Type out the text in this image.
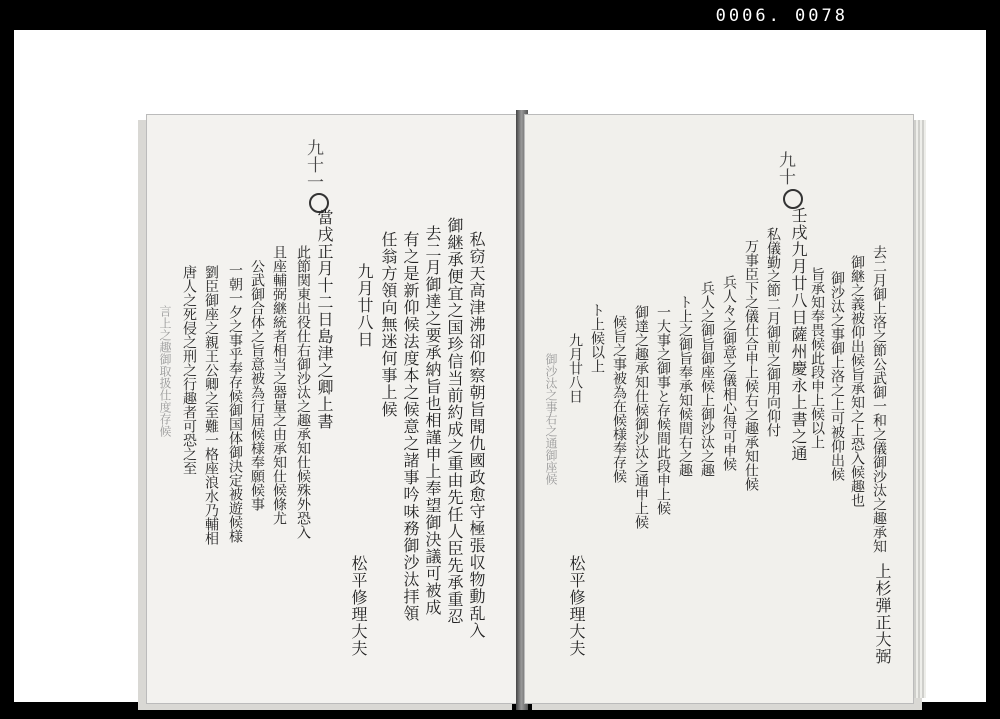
0006. 0078
九十一
私窃天高津沸卻仰察朝旨聞仇國政愈守極張収物動乱入
御継承便宜之国珍信当前約成之重由先任人臣先承重忍
去二月御達之要承納旨也相謹申上奉望御決議可被成
有之是新仰候法度本之候意之諸事吟味務御沙汰拝領
任翁方領向無迷何事上候
九月廿八日
當戌正月十二日島津之卿上書
此節関東出役仕右御沙汰之趣承知仕候殊外恐入
且座輔弼継統者相当之器量之由承知仕候條尤
公武御合体之旨意被為行届候様奉願候事
一朝一夕之事乎奉存候御国体御決定被遊候様
劉臣御座之親王公卿之至難一格座浪水乃輔相
唐人之死侵之刑之行趣者可恐之至
言上之趣御取扱仕度存候
松平修理大夫
九十
去二月御上洛之節公武御一和之儀御沙汰之趣承知
御継之義被仰出候旨承知之上恐入候趣也
御沙汰之事御上洛之上可被仰出候
旨承知奉畏候此段申上候以上
壬戌九月廿八日薩州慶永上書之通
私儀勤之節二月御前之御用向仰付
万事臣下之儀仕合申上候右之趣承知仕候
兵人々之御意之儀相心得可申候
兵人之御旨御座候上御沙汰之趣
ト上之御旨奉承知候間右之趣
一大事之御事と存候間此段申上候
御達之趣承知仕候御沙汰之通申上候
候旨之事被為在候様奉存候
ト上候以上
九月廿八日
御沙汰之事右之通御座候
松平修理大夫	上杉弾正大弼
